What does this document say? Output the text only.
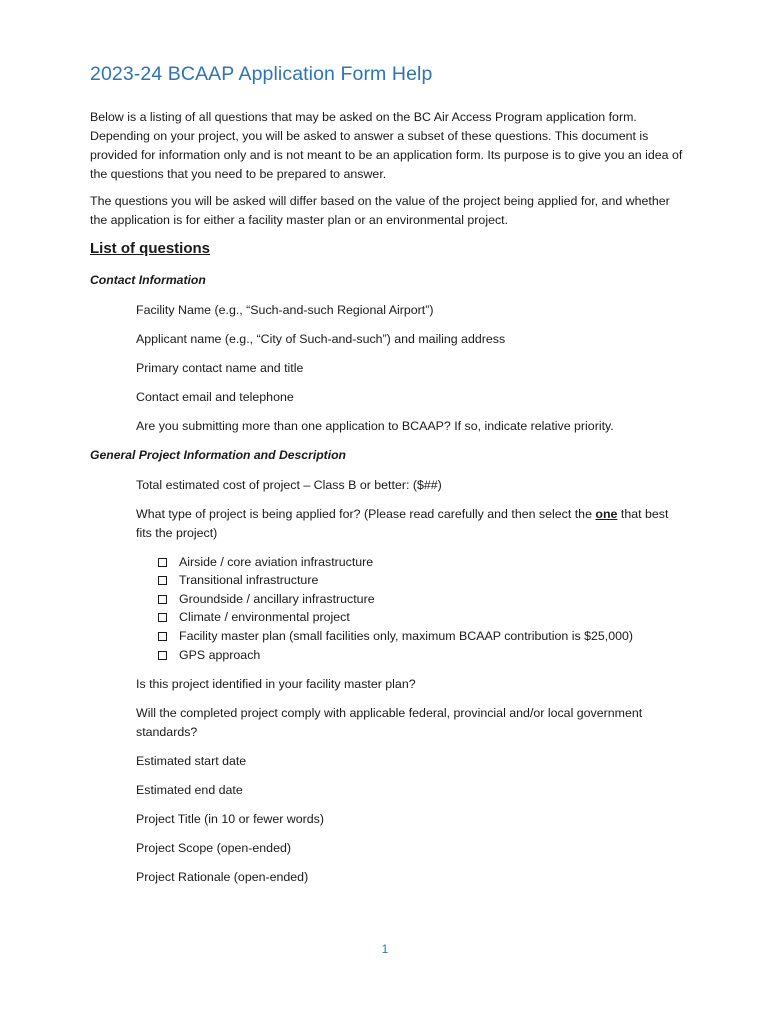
2023-24 BCAAP Application Form Help

Below is a listing of all questions that may be asked on the BC Air Access Program application form. Depending on your project, you will be asked to answer a subset of these questions. This document is provided for information only and is not meant to be an application form. Its purpose is to give you an idea of the questions that you need to be prepared to answer.

The questions you will be asked will differ based on the value of the project being applied for, and whether the application is for either a facility master plan or an environmental project.

List of questions
Contact Information

Facility Name (e.g., “Such-and-such Regional Airport”)

Applicant name (e.g., “City of Such-and-such”) and mailing address

Primary contact name and title

Contact email and telephone

Are you submitting more than one application to BCAAP? If so, indicate relative priority.

General Project Information and Description

Total estimated cost of project – Class B or better: ($##)

What type of project is being applied for? (Please read carefully and then select the one that best fits the project)

Airside / core aviation infrastructure
Transitional infrastructure
Groundside / ancillary infrastructure
Climate / environmental project
Facility master plan (small facilities only, maximum BCAAP contribution is $25,000)
GPS approach

Is this project identified in your facility master plan?

Will the completed project comply with applicable federal, provincial and/or local government standards?

Estimated start date

Estimated end date

Project Title (in 10 or fewer words)

Project Scope (open-ended)

Project Rationale (open-ended)

1
